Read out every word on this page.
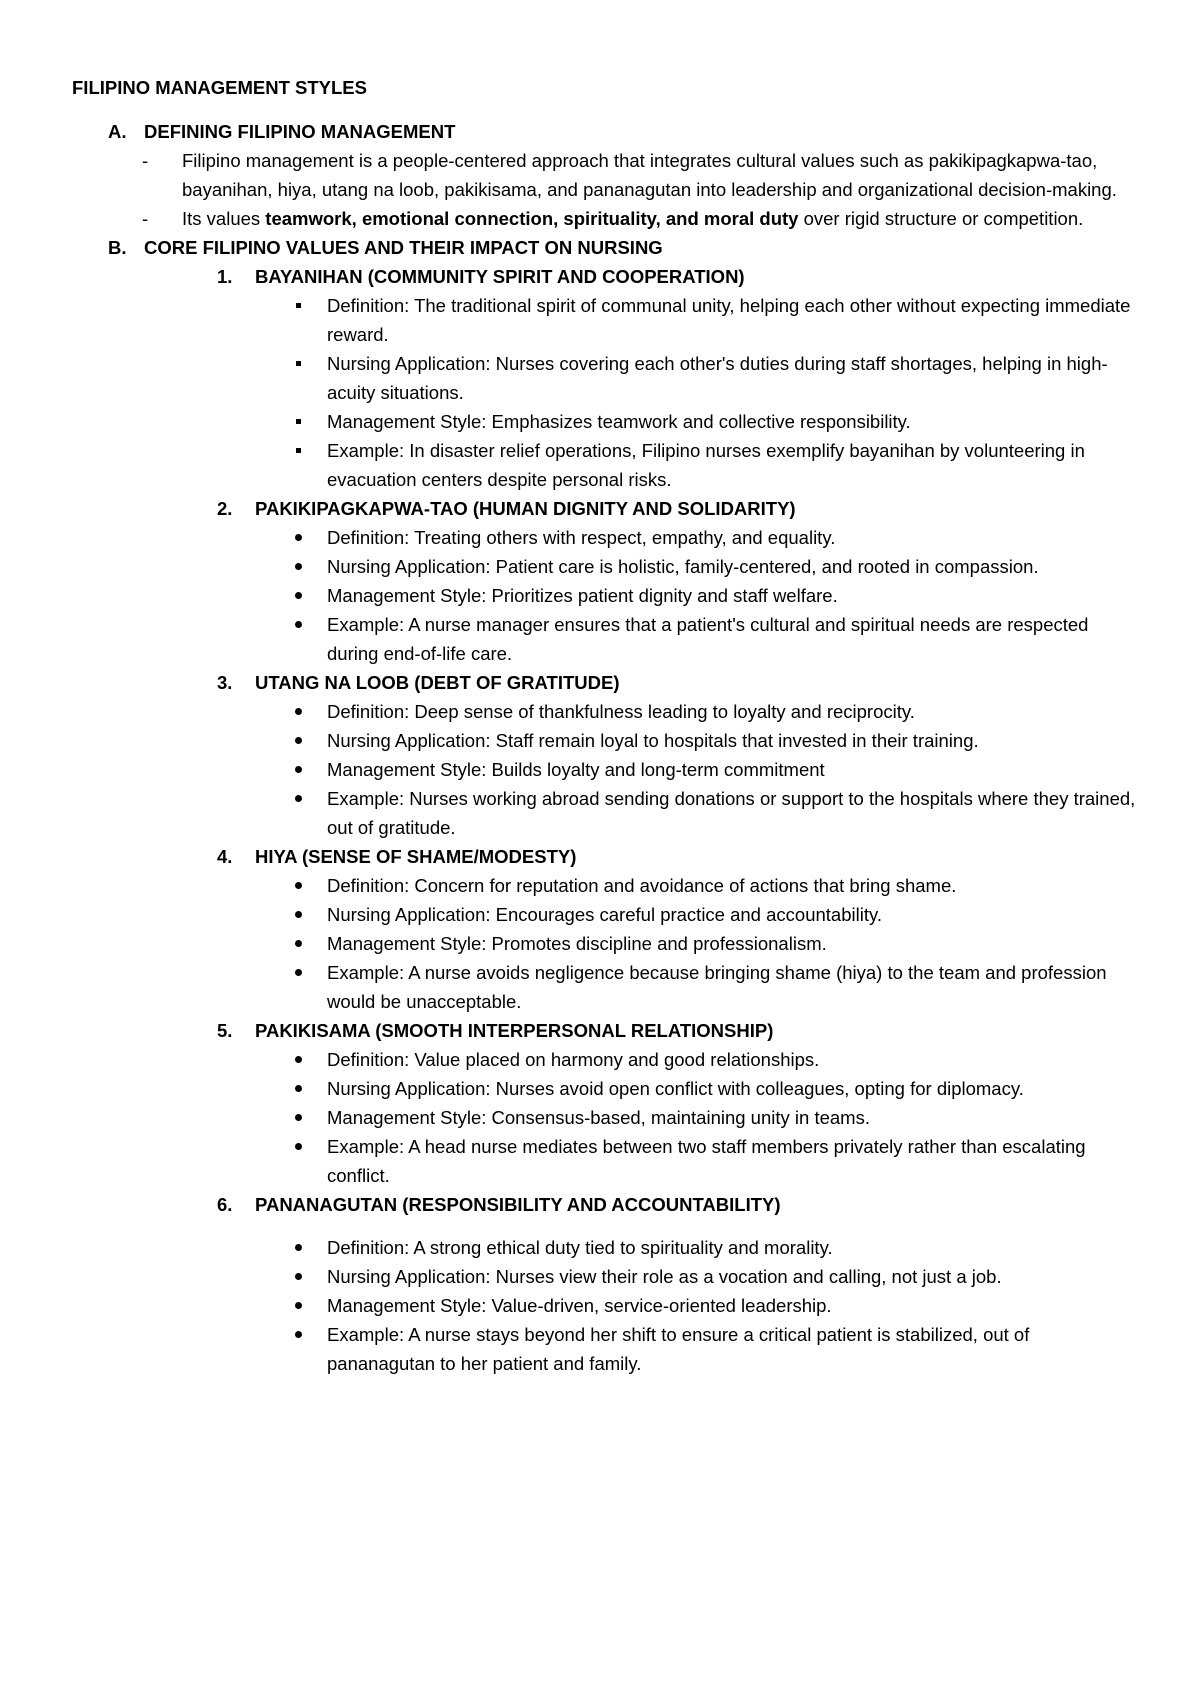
FILIPINO MANAGEMENT STYLES
A. DEFINING FILIPINO MANAGEMENT
- Filipino management is a people-centered approach that integrates cultural values such as pakikipagkapwa-tao, bayanihan, hiya, utang na loob, pakikisama, and pananagutan into leadership and organizational decision-making.
- Its values teamwork, emotional connection, spirituality, and moral duty over rigid structure or competition.
B. CORE FILIPINO VALUES AND THEIR IMPACT ON NURSING
1. BAYANIHAN (COMMUNITY SPIRIT AND COOPERATION)
Definition: The traditional spirit of communal unity, helping each other without expecting immediate reward.
Nursing Application: Nurses covering each other's duties during staff shortages, helping in high-acuity situations.
Management Style: Emphasizes teamwork and collective responsibility.
Example: In disaster relief operations, Filipino nurses exemplify bayanihan by volunteering in evacuation centers despite personal risks.
2. PAKIKIPAGKAPWA-TAO (HUMAN DIGNITY AND SOLIDARITY)
Definition: Treating others with respect, empathy, and equality.
Nursing Application: Patient care is holistic, family-centered, and rooted in compassion.
Management Style: Prioritizes patient dignity and staff welfare.
Example: A nurse manager ensures that a patient's cultural and spiritual needs are respected during end-of-life care.
3. UTANG NA LOOB (DEBT OF GRATITUDE)
Definition: Deep sense of thankfulness leading to loyalty and reciprocity.
Nursing Application: Staff remain loyal to hospitals that invested in their training.
Management Style: Builds loyalty and long-term commitment
Example: Nurses working abroad sending donations or support to the hospitals where they trained, out of gratitude.
4. HIYA (SENSE OF SHAME/MODESTY)
Definition: Concern for reputation and avoidance of actions that bring shame.
Nursing Application: Encourages careful practice and accountability.
Management Style: Promotes discipline and professionalism.
Example: A nurse avoids negligence because bringing shame (hiya) to the team and profession would be unacceptable.
5. PAKIKISAMA (SMOOTH INTERPERSONAL RELATIONSHIP)
Definition: Value placed on harmony and good relationships.
Nursing Application: Nurses avoid open conflict with colleagues, opting for diplomacy.
Management Style: Consensus-based, maintaining unity in teams.
Example: A head nurse mediates between two staff members privately rather than escalating conflict.
6. PANANAGUTAN (RESPONSIBILITY AND ACCOUNTABILITY)
Definition: A strong ethical duty tied to spirituality and morality.
Nursing Application: Nurses view their role as a vocation and calling, not just a job.
Management Style: Value-driven, service-oriented leadership.
Example: A nurse stays beyond her shift to ensure a critical patient is stabilized, out of pananagutan to her patient and family.
